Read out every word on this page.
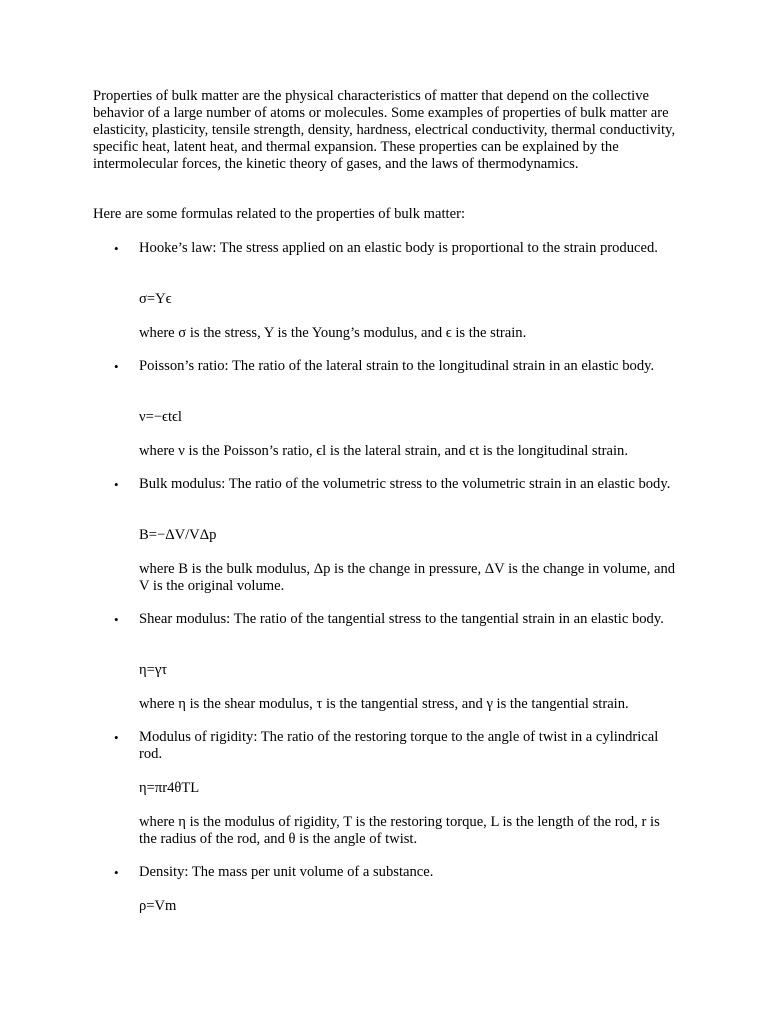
Properties of bulk matter are the physical characteristics of matter that depend on the collective behavior of a large number of atoms or molecules. Some examples of properties of bulk matter are elasticity, plasticity, tensile strength, density, hardness, electrical conductivity, thermal conductivity, specific heat, latent heat, and thermal expansion. These properties can be explained by the intermolecular forces, the kinetic theory of gases, and the laws of thermodynamics.

Here are some formulas related to the properties of bulk matter:

•	Hooke’s law: The stress applied on an elastic body is proportional to the strain produced.

σ=Yϵ

where σ is the stress, Y is the Young’s modulus, and ϵ is the strain.

•	Poisson’s ratio: The ratio of the lateral strain to the longitudinal strain in an elastic body.

ν=−ϵtϵl

where ν is the Poisson’s ratio, ϵl is the lateral strain, and ϵt is the longitudinal strain.

•	Bulk modulus: The ratio of the volumetric stress to the volumetric strain in an elastic body.

B=−ΔV/VΔp

where B is the bulk modulus, Δp is the change in pressure, ΔV is the change in volume, and V is the original volume.

•	Shear modulus: The ratio of the tangential stress to the tangential strain in an elastic body.

η=γτ

where η is the shear modulus, τ is the tangential stress, and γ is the tangential strain.

•	Modulus of rigidity: The ratio of the restoring torque to the angle of twist in a cylindrical rod.

η=πr4θTL

where η is the modulus of rigidity, T is the restoring torque, L is the length of the rod, r is the radius of the rod, and θ is the angle of twist.

•	Density: The mass per unit volume of a substance.

ρ=Vm
